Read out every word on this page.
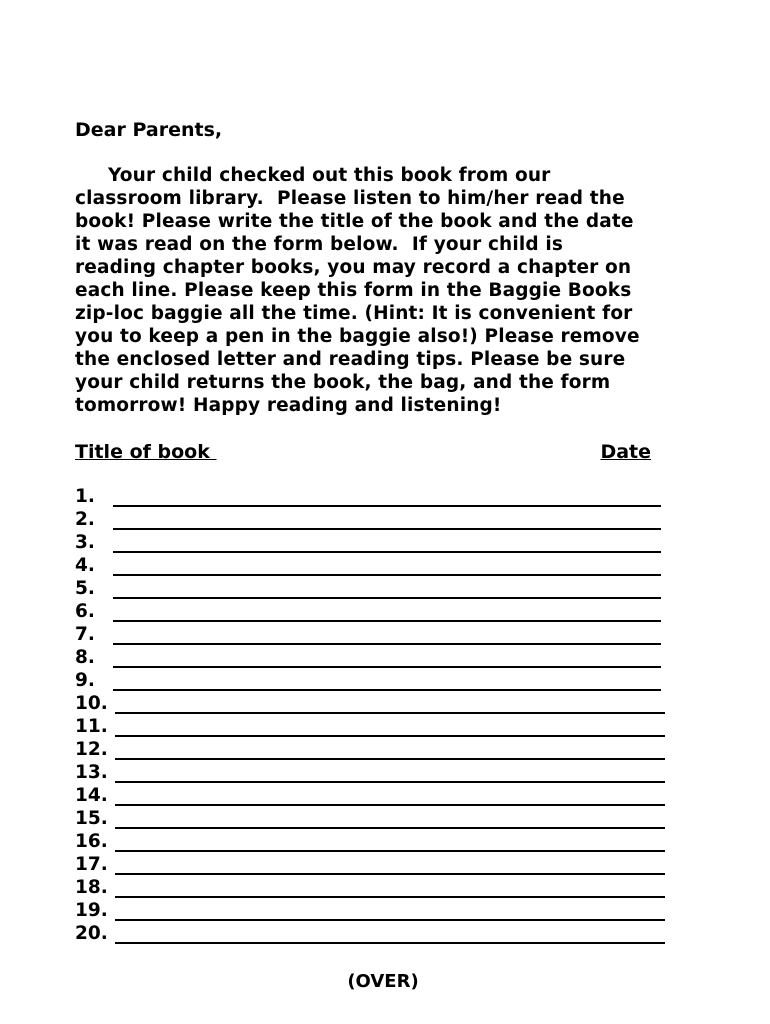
Dear Parents,
Your child checked out this book from our
classroom library.  Please listen to him/her read the
book! Please write the title of the book and the date
it was read on the form below.  If your child is
reading chapter books, you may record a chapter on
each line. Please keep this form in the Baggie Books
zip-loc baggie all the time. (Hint: It is convenient for
you to keep a pen in the baggie also!) Please remove
the enclosed letter and reading tips. Please be sure
your child returns the book, the bag, and the form
tomorrow! Happy reading and listening!
Title of book	Date
1.
2.
3.
4.
5.
6.
7.
8.
9.
10.
11.
12.
13.
14.
15.
16.
17.
18.
19.
20.
(OVER)
